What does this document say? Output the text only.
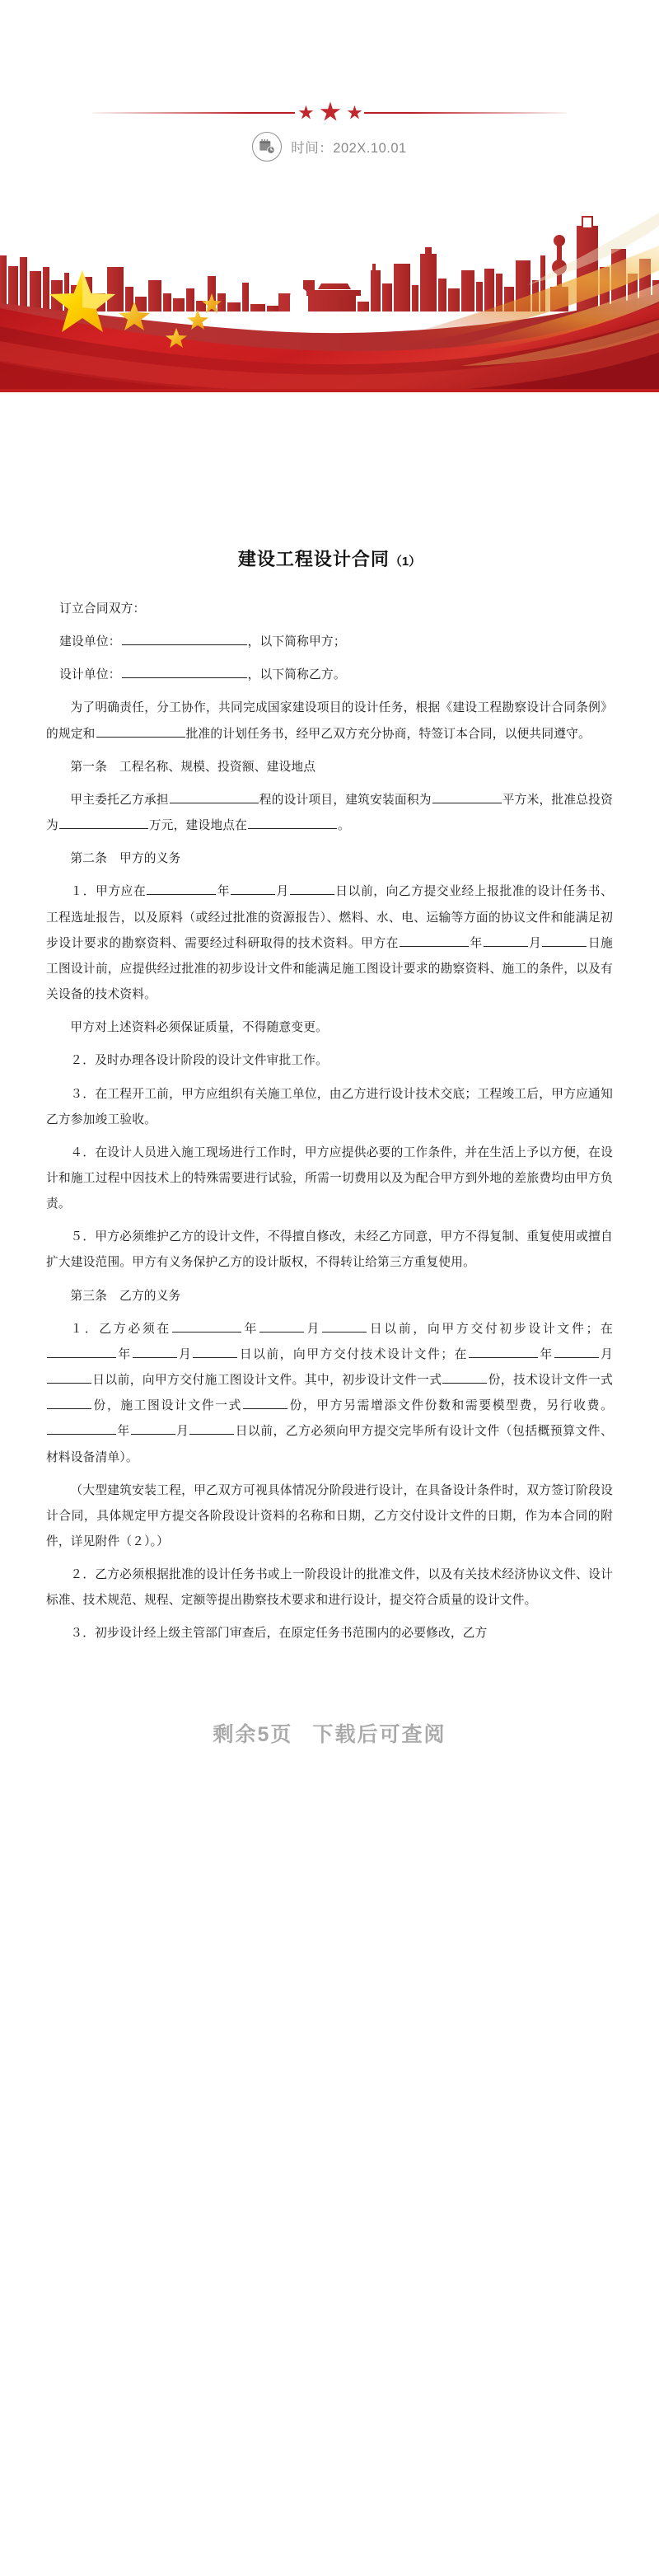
★ ★ ★
时间：202X.10.01
建设工程设计合同（1）

订立合同双方：

建设单位：	，以下简称甲方；

设计单位：	，以下简称乙方。

为了明确责任，分工协作，共同完成国家建设项目的设计任务，根据《建设工程勘察设计合同条例》的规定和	批准的计划任务书，经甲乙双方充分协商，特签订本合同，以便共同遵守。

第一条　工程名称、规模、投资额、建设地点

甲主委托乙方承担	程的设计项目，建筑安装面积为	平方米，批准总投资为	万元，建设地点在	。

第二条　甲方的义务

１．甲方应在	年	月	日以前，向乙方提交业经上报批准的设计任务书、工程选址报告，以及原料（或经过批准的资源报告）、燃料、水、电、运输等方面的协议文件和能满足初步设计要求的勘察资料、需要经过科研取得的技术资料。甲方在	年	月	日施工图设计前，应提供经过批准的初步设计文件和能满足施工图设计要求的勘察资料、施工的条件，以及有关设备的技术资料。

甲方对上述资料必须保证质量，不得随意变更。

２．及时办理各设计阶段的设计文件审批工作。

３．在工程开工前，甲方应组织有关施工单位，由乙方进行设计技术交底；工程竣工后，甲方应通知乙方参加竣工验收。

４．在设计人员进入施工现场进行工作时，甲方应提供必要的工作条件，并在生活上予以方便，在设计和施工过程中因技术上的特殊需要进行试验，所需一切费用以及为配合甲方到外地的差旅费均由甲方负责。

５．甲方必须维护乙方的设计文件，不得擅自修改，未经乙方同意，甲方不得复制、重复使用或擅自扩大建设范围。甲方有义务保护乙方的设计版权，不得转让给第三方重复使用。

第三条　乙方的义务

１．乙方必须在	年	月	日以前，向甲方交付初步设计文件；在年	月	日以前，向甲方交付技术设计文件；在	年	月日以前，向甲方交付施工图设计文件。其中，初步设计文件一式	份，技术设计文件一式份，施工图设计文件一式	份，甲方另需增添文件份数和需要模型费，另行收费。年	月	日以前，乙方必须向甲方提交完毕所有设计文件（包括概预算文件、材料设备清单）。

（大型建筑安装工程，甲乙双方可视具体情况分阶段进行设计，在具备设计条件时，双方签订阶段设计合同，具体规定甲方提交各阶段设计资料的名称和日期，乙方交付设计文件的日期，作为本合同的附件，详见附件（２）。）

２．乙方必须根据批准的设计任务书或上一阶段设计的批准文件，以及有关技术经济协议文件、设计标准、技术规范、规程、定额等提出勘察技术要求和进行设计，提交符合质量的设计文件。

３．初步设计经上级主管部门审查后，在原定任务书范围内的必要修改，乙方

剩余5页 下载后可查阅
